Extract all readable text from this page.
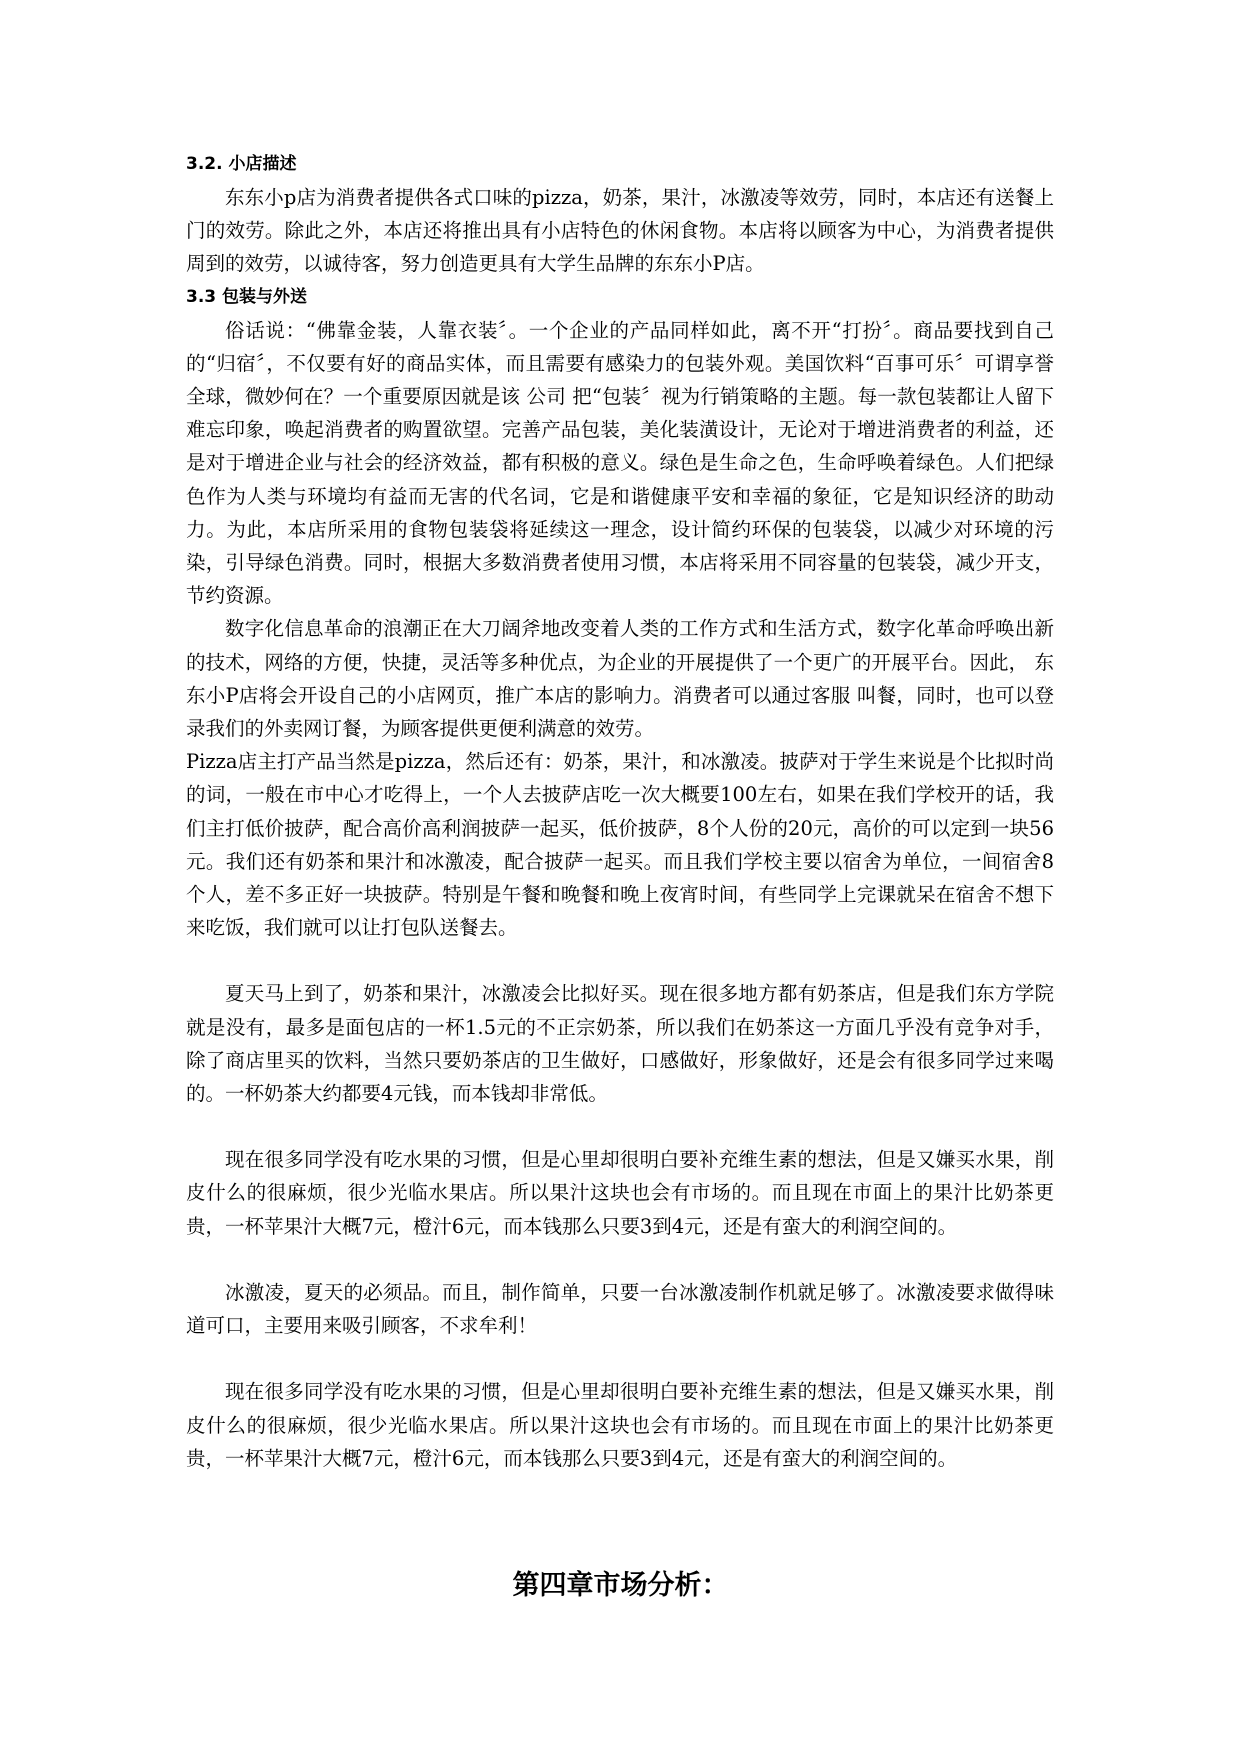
3.2. 小店描述

东东小p店为消费者提供各式口味的pizza，奶茶，果汁，冰激凌等效劳，同时，本店还有送餐上门的效劳。除此之外，本店还将推出具有小店特色的休闲食物。本店将以顾客为中心，为消费者提供周到的效劳，以诚待客，努力创造更具有大学生品牌的东东小P店。

3.3 包装与外送

俗话说：“佛靠金装，人靠衣装〞。一个企业的产品同样如此，离不开“打扮〞。商品要找到自己的“归宿〞，不仅要有好的商品实体，而且需要有感染力的包装外观。美国饮料“百事可乐〞可谓享誉全球，微妙何在？一个重要原因就是该 公司 把“包装〞视为行销策略的主题。每一款包装都让人留下难忘印象，唤起消费者的购置欲望。完善产品包装，美化装潢设计，无论对于增进消费者的利益，还是对于增进企业与社会的经济效益，都有积极的意义。绿色是生命之色，生命呼唤着绿色。人们把绿色作为人类与环境均有益而无害的代名词，它是和谐健康平安和幸福的象征，它是知识经济的助动力。为此，本店所采用的食物包装袋将延续这一理念，设计简约环保的包装袋，以减少对环境的污染，引导绿色消费。同时，根据大多数消费者使用习惯，本店将采用不同容量的包装袋，减少开支，节约资源。

数字化信息革命的浪潮正在大刀阔斧地改变着人类的工作方式和生活方式，数字化革命呼唤出新的技术，网络的方便，快捷，灵活等多种优点，为企业的开展提供了一个更广的开展平台。因此， 东东小P店将会开设自己的小店网页，推广本店的影响力。消费者可以通过客服 叫餐，同时，也可以登录我们的外卖网订餐，为顾客提供更便利满意的效劳。

Pizza店主打产品当然是pizza，然后还有：奶茶，果汁，和冰激凌。披萨对于学生来说是个比拟时尚的词，一般在市中心才吃得上，一个人去披萨店吃一次大概要100左右，如果在我们学校开的话，我们主打低价披萨，配合高价高利润披萨一起买，低价披萨，8个人份的20元，高价的可以定到一块56元。我们还有奶茶和果汁和冰激凌，配合披萨一起买。而且我们学校主要以宿舍为单位，一间宿舍8个人，差不多正好一块披萨。特别是午餐和晚餐和晚上夜宵时间，有些同学上完课就呆在宿舍不想下来吃饭，我们就可以让打包队送餐去。

夏天马上到了，奶茶和果汁，冰激凌会比拟好买。现在很多地方都有奶茶店，但是我们东方学院就是没有，最多是面包店的一杯1.5元的不正宗奶茶，所以我们在奶茶这一方面几乎没有竞争对手，除了商店里买的饮料，当然只要奶茶店的卫生做好，口感做好，形象做好，还是会有很多同学过来喝的。一杯奶茶大约都要4元钱，而本钱却非常低。

现在很多同学没有吃水果的习惯，但是心里却很明白要补充维生素的想法，但是又嫌买水果，削皮什么的很麻烦，很少光临水果店。所以果汁这块也会有市场的。而且现在市面上的果汁比奶茶更贵，一杯苹果汁大概7元，橙汁6元，而本钱那么只要3到4元，还是有蛮大的利润空间的。

冰激凌，夏天的必须品。而且，制作简单，只要一台冰激凌制作机就足够了。冰激凌要求做得味道可口，主要用来吸引顾客，不求牟利！

现在很多同学没有吃水果的习惯，但是心里却很明白要补充维生素的想法，但是又嫌买水果，削皮什么的很麻烦，很少光临水果店。所以果汁这块也会有市场的。而且现在市面上的果汁比奶茶更贵，一杯苹果汁大概7元，橙汁6元，而本钱那么只要3到4元，还是有蛮大的利润空间的。

第四章市场分析：
